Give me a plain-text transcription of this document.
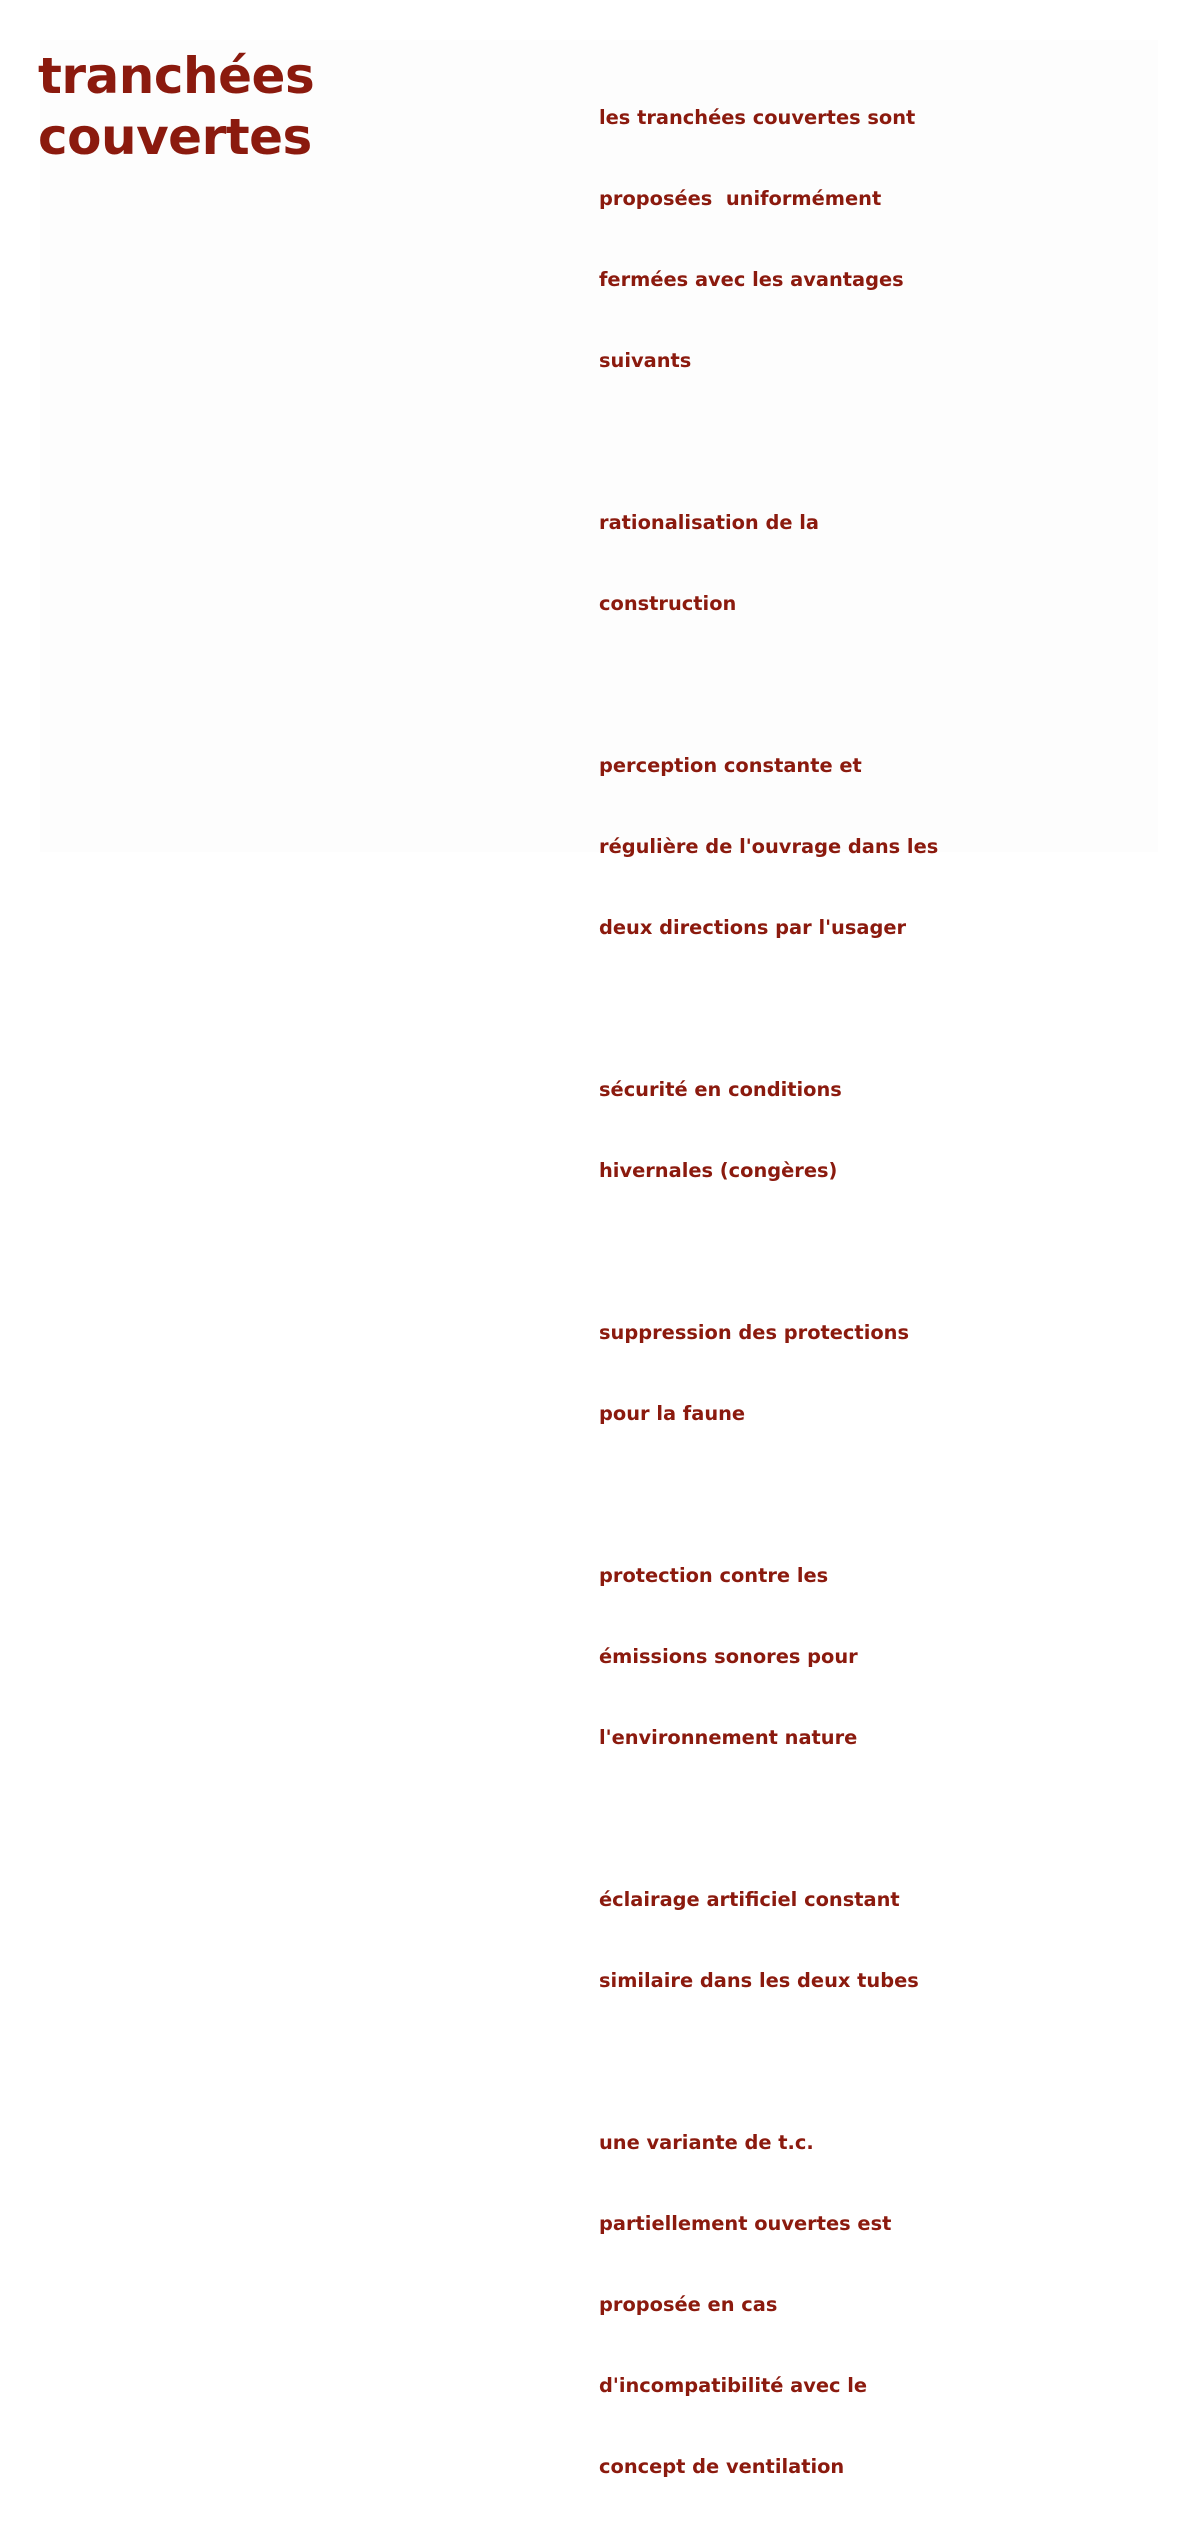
tranchées
couvertes

	les tranchées couvertes sont

proposées  uniformément

fermées avec les avantages

suivants

rationalisation de la

construction

perception constante et

régulière de l'ouvrage dans les

deux directions par l'usager

sécurité en conditions

hivernales (congères)

suppression des protections

pour la faune

protection contre les

émissions sonores pour

l'environnement nature

éclairage artificiel constant

similaire dans les deux tubes

une variante de t.c.

partiellement ouvertes est

proposée en cas

d'incompatibilité avec le

concept de ventilation
